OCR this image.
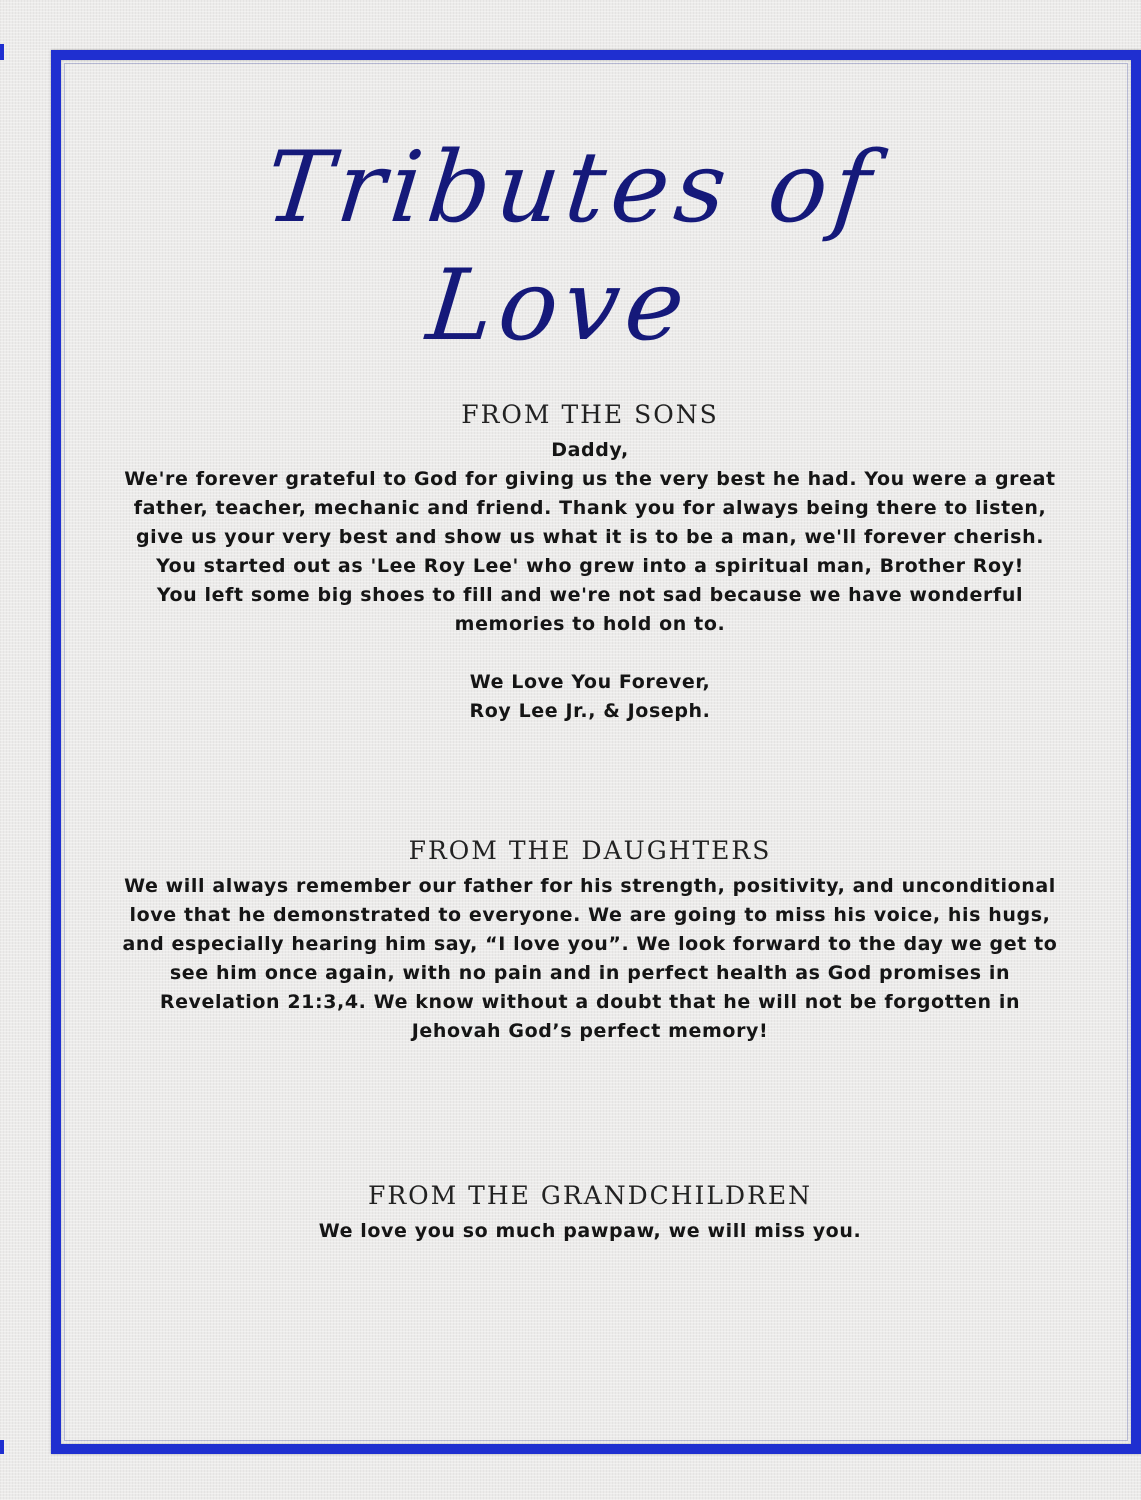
Tributes of Love
FROM THE SONS

Daddy,
We're forever grateful to God for giving us the very best he had. You were a great
father, teacher, mechanic and friend. Thank you for always being there to listen,
give us your very best and show us what it is to be a man, we'll forever cherish.
You started out as 'Lee Roy Lee' who grew into a spiritual man, Brother Roy!
You left some big shoes to fill and we're not sad because we have wonderful
memories to hold on to.

We Love You Forever,
Roy Lee Jr., & Joseph.

FROM THE DAUGHTERS

We will always remember our father for his strength, positivity, and unconditional
love that he demonstrated to everyone. We are going to miss his voice, his hugs,
and especially hearing him say, “I love you”. We look forward to the day we get to
see him once again, with no pain and in perfect health as God promises in
Revelation 21:3,4. We know without a doubt that he will not be forgotten in
Jehovah God’s perfect memory!

FROM THE GRANDCHILDREN

We love you so much pawpaw, we will miss you.
